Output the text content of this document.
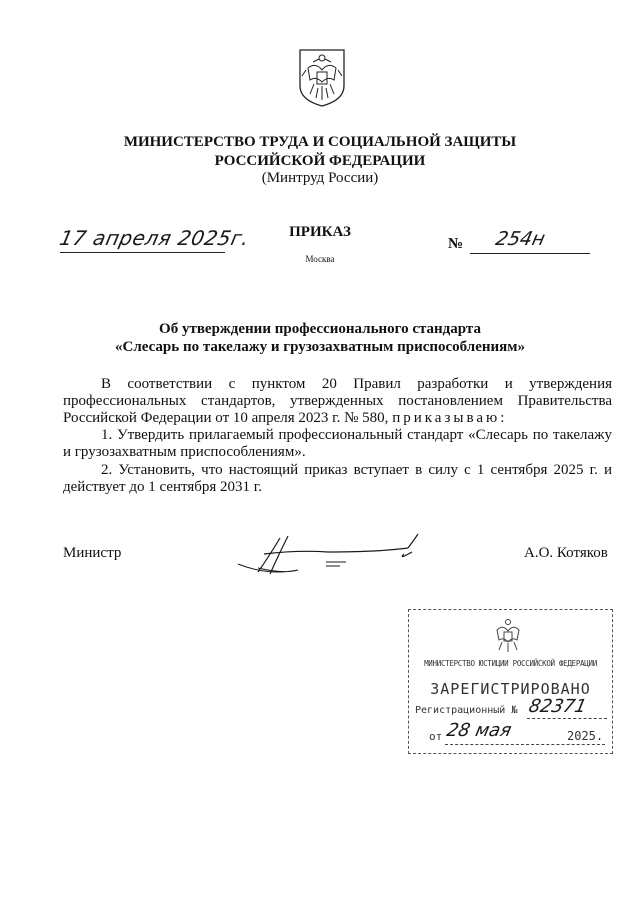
МИНИСТЕРСТВО ТРУДА И СОЦИАЛЬНОЙ ЗАЩИТЫ
РОССИЙСКОЙ ФЕДЕРАЦИИ
(Минтруд России)
17 апреля 2025г.	ПРИКАЗ
Москва
№ 254н
Об утверждении профессионального стандарта
«Слесарь по такелажу и грузозахватным приспособлениям»
В соответствии с пунктом 20 Правил разработки и утверждения профессиональных стандартов, утвержденных постановлением Правительства Российской Федерации от 10 апреля 2023 г. № 580, приказываю:
1. Утвердить прилагаемый профессиональный стандарт «Слесарь по такелажу и грузозахватным приспособлениям».
2. Установить, что настоящий приказ вступает в силу с 1 сентября 2025 г. и действует до 1 сентября 2031 г.
Министр	А.О. Котяков
МИНИСТЕРСТВО ЮСТИЦИИ РОССИЙСКОЙ ФЕДЕРАЦИИ
ЗАРЕГИСТРИРОВАНО
Регистрационный № 82371
от 28 мая	2025.
